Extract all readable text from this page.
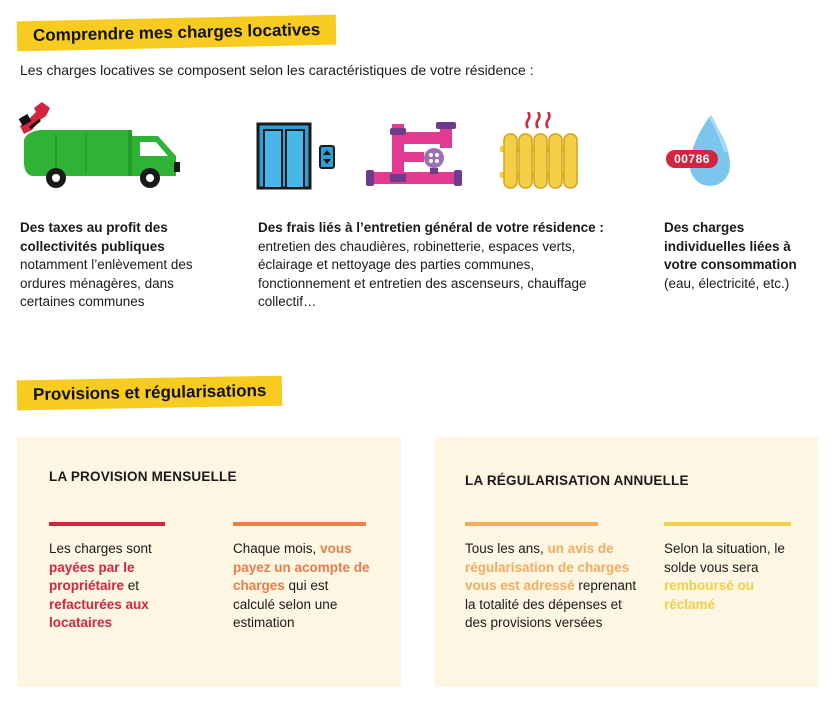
Comprendre mes charges locatives
Les charges locatives se composent selon les caractéristiques de votre résidence :
00786
Des taxes au profit des collectivités publiques notamment l’enlèvement des ordures ménagères, dans certaines communes
Des frais liés à l’entretien général de votre résidence : entretien des chaudières, robinetterie, espaces verts, éclairage et nettoyage des parties communes, fonctionnement et entretien des ascenseurs, chauffage collectif…
Des charges individuelles liées à votre consommation (eau, électricité, etc.)
Provisions et régularisations
LA PROVISION MENSUELLE
Les charges sont payées par le propriétaire et refacturées aux locataires
Chaque mois, vous payez un acompte de charges qui est calculé selon une estimation
LA RÉGULARISATION ANNUELLE
Tous les ans, un avis de régularisation de charges vous est adressé reprenant la totalité des dépenses et des provisions versées
Selon la situation, le solde vous sera remboursé ou réclamé
